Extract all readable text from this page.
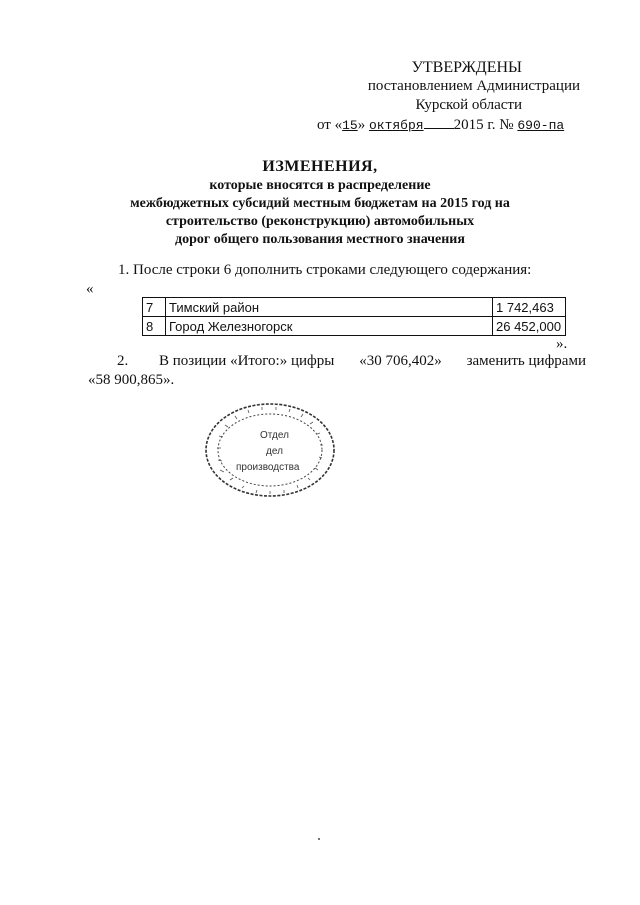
УТВЕРЖДЕНЫ
постановлением Администрации
Курской области
от «15» октября 2015 г. № 690-па
ИЗМЕНЕНИЯ,
которые вносятся в распределение
межбюджетных субсидий местным бюджетам на 2015 год на
строительство (реконструкцию) автомобильных
дорог общего пользования местного значения
1. После строки 6 дополнить строками следующего содержания:
«
7	Тимский район	1 742,463
8	Город Железногорск	26 452,000
».
2.	В позиции «Итого:» цифры «30 706,402» заменить цифрами
«58 900,865».
Отдел
дел
производства
